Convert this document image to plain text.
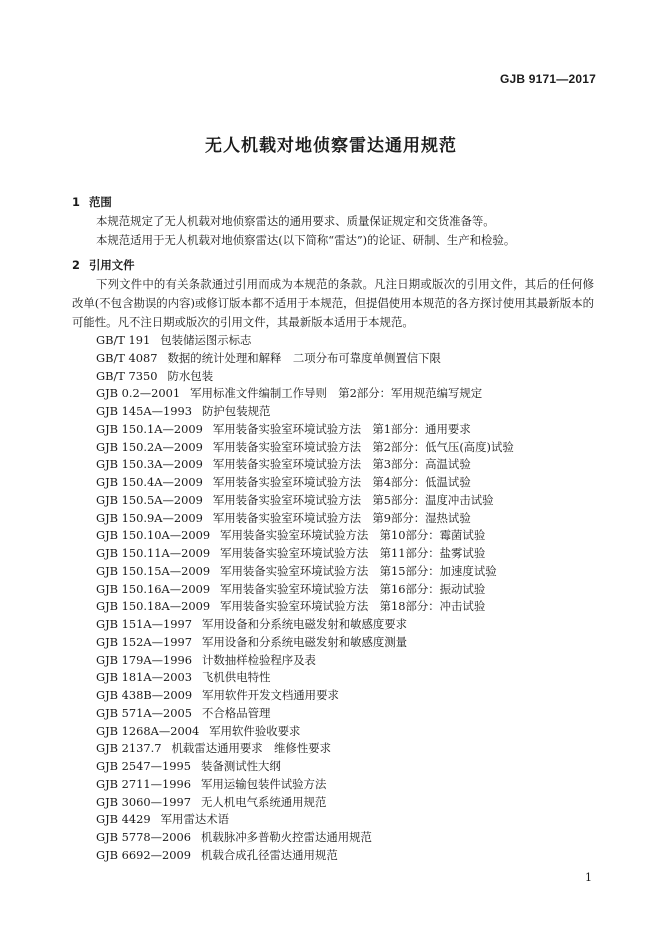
GJB 9171—2017
无人机载对地侦察雷达通用规范
1 范围
本规范规定了无人机载对地侦察雷达的通用要求、质量保证规定和交货准备等。
本规范适用于无人机载对地侦察雷达(以下简称“雷达”)的论证、研制、生产和检验。
2 引用文件
下列文件中的有关条款通过引用而成为本规范的条款。凡注日期或版次的引用文件，其后的任何修改单(不包含勘误的内容)或修订版本都不适用于本规范，但提倡使用本规范的各方探讨使用其最新版本的可能性。凡不注日期或版次的引用文件，其最新版本适用于本规范。
GB/T 191 包装储运图示标志
GB/T 4087 数据的统计处理和解释　二项分布可靠度单侧置信下限
GB/T 7350 防水包装
GJB 0.2—2001 军用标准文件编制工作导则　第2部分：军用规范编写规定
GJB 145A—1993 防护包装规范
GJB 150.1A—2009 军用装备实验室环境试验方法　第1部分：通用要求
GJB 150.2A—2009 军用装备实验室环境试验方法　第2部分：低气压(高度)试验
GJB 150.3A—2009 军用装备实验室环境试验方法　第3部分：高温试验
GJB 150.4A—2009 军用装备实验室环境试验方法　第4部分：低温试验
GJB 150.5A—2009 军用装备实验室环境试验方法　第5部分：温度冲击试验
GJB 150.9A—2009 军用装备实验室环境试验方法　第9部分：湿热试验
GJB 150.10A—2009 军用装备实验室环境试验方法　第10部分：霉菌试验
GJB 150.11A—2009 军用装备实验室环境试验方法　第11部分：盐雾试验
GJB 150.15A—2009 军用装备实验室环境试验方法　第15部分：加速度试验
GJB 150.16A—2009 军用装备实验室环境试验方法　第16部分：振动试验
GJB 150.18A—2009 军用装备实验室环境试验方法　第18部分：冲击试验
GJB 151A—1997 军用设备和分系统电磁发射和敏感度要求
GJB 152A—1997 军用设备和分系统电磁发射和敏感度测量
GJB 179A—1996 计数抽样检验程序及表
GJB 181A—2003 飞机供电特性
GJB 438B—2009 军用软件开发文档通用要求
GJB 571A—2005 不合格品管理
GJB 1268A—2004 军用软件验收要求
GJB 2137.7 机载雷达通用要求　维修性要求
GJB 2547—1995 装备测试性大纲
GJB 2711—1996 军用运输包装件试验方法
GJB 3060—1997 无人机电气系统通用规范
GJB 4429 军用雷达术语
GJB 5778—2006 机载脉冲多普勒火控雷达通用规范
GJB 6692—2009 机载合成孔径雷达通用规范
1
